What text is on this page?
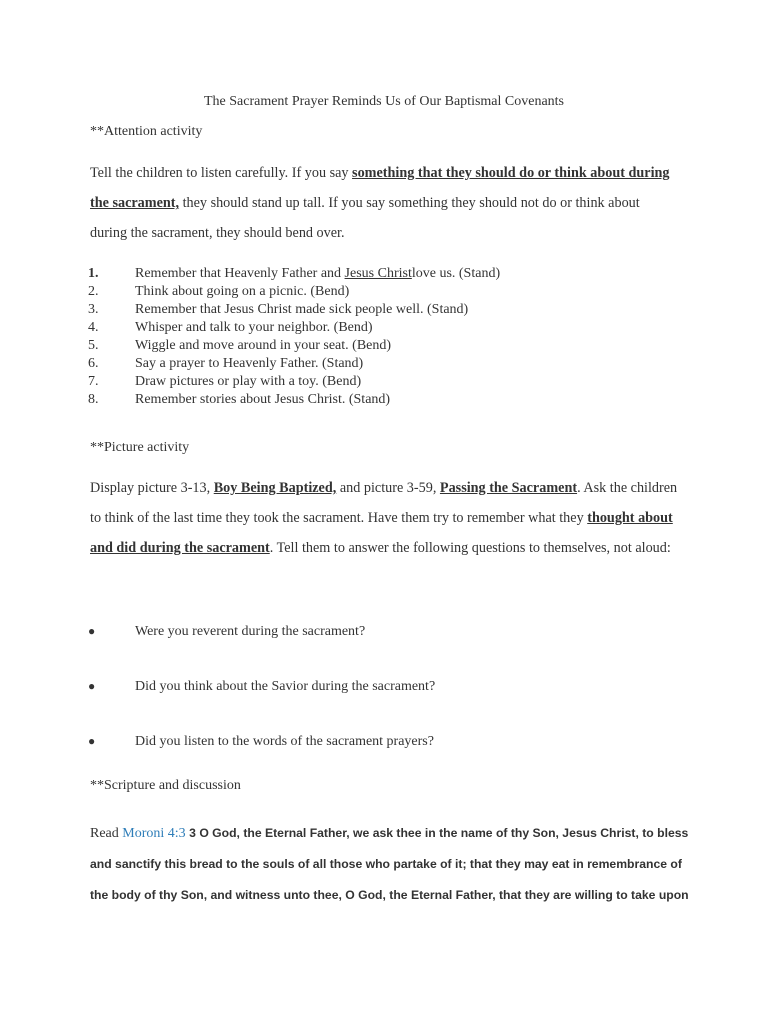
The Sacrament Prayer Reminds Us of Our Baptismal Covenants
**Attention activity
Tell the children to listen carefully. If you say something that they should do or think about during the sacrament, they should stand up tall. If you say something they should not do or think about during the sacrament, they should bend over.
1.	Remember that Heavenly Father and Jesus Christlove us. (Stand)
2.	Think about going on a picnic. (Bend)
3.	Remember that Jesus Christ made sick people well. (Stand)
4.	Whisper and talk to your neighbor. (Bend)
5.	Wiggle and move around in your seat. (Bend)
6.	Say a prayer to Heavenly Father. (Stand)
7.	Draw pictures or play with a toy. (Bend)
8.	Remember stories about Jesus Christ. (Stand)
**Picture activity
Display picture 3-13, Boy Being Baptized, and picture 3-59, Passing the Sacrament. Ask the children to think of the last time they took the sacrament. Have them try to remember what they thought about and did during the sacrament. Tell them to answer the following questions to themselves, not aloud:
●	Were you reverent during the sacrament?
●	Did you think about the Savior during the sacrament?
●	Did you listen to the words of the sacrament prayers?
**Scripture and discussion
Read Moroni 4:3 3 O God, the Eternal Father, we ask thee in the name of thy Son, Jesus Christ, to bless and sanctify this bread to the souls of all those who partake of it; that they may eat in remembrance of the body of thy Son, and witness unto thee, O God, the Eternal Father, that they are willing to take upon
